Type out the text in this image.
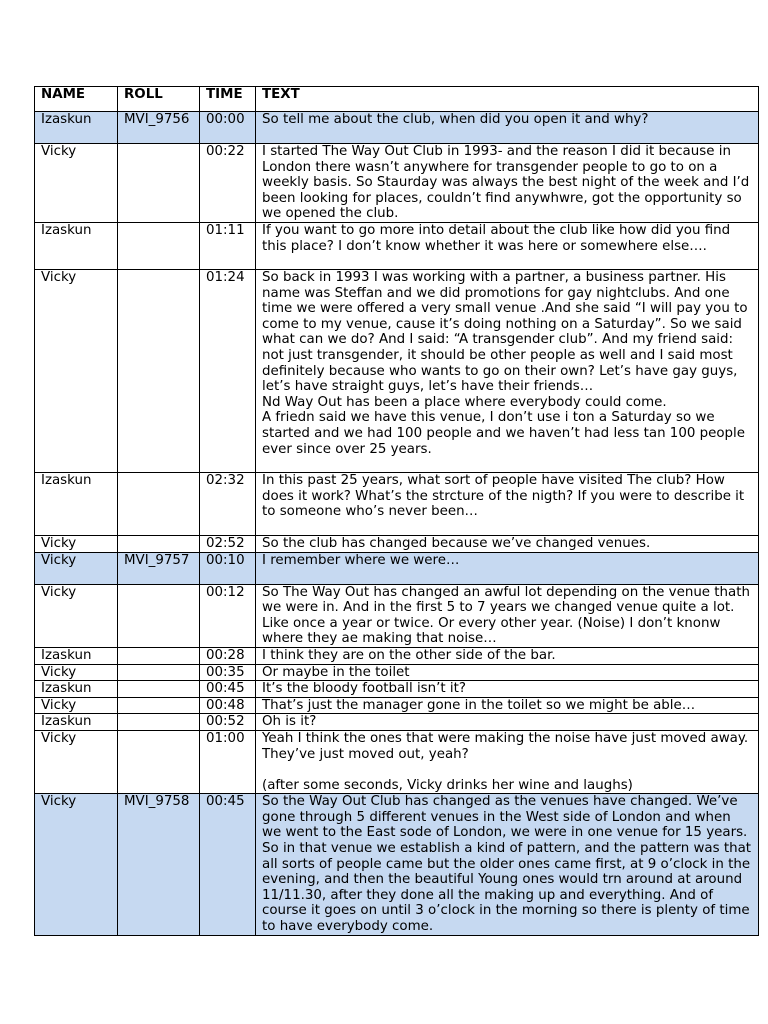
NAME	ROLL	TIME	TEXT
Izaskun	MVI_9756	00:00	So tell me about the club, when did you open it and why?

Vicky		00:22	I started The Way Out Club in 1993- and the reason I did it because in London there wasn’t anywhere for transgender people to go to on a weekly basis. So Staurday was always the best night of the week and I’d been looking for places, couldn’t find anywhwre, got the opportunity so we opened the club.

Izaskun		01:11	If you want to go more into detail about the club like how did you find this place? I don’t know whether it was here or somewhere else….

Vicky		01:24	So back in 1993 I was working with a partner, a business partner. His name was Steffan and we did promotions for gay nightclubs. And one time we were offered a very small venue .And she said “I will pay you to come to my venue, cause it’s doing nothing on a Saturday”. So we said what can we do? And I said: “A transgender club”. And my friend said: not just transgender, it should be other people as well and I said most definitely because who wants to go on their own? Let’s have gay guys, let’s have straight guys, let’s have their friends…

Nd Way Out has been a place where everybody could come.

A friedn said we have this venue, I don’t use i ton a Saturday so we started and we had 100 people and we haven’t had less tan 100 people ever since over 25 years.

Izaskun		02:32	In this past 25 years, what sort of people have visited The club? How does it work? What’s the strcture of the nigth? If you were to describe it to someone who’s never been…

Vicky		02:52	So the club has changed because we’ve changed venues.

Vicky	MVI_9757	00:10	I remember where we were…

Vicky		00:12	So The Way Out has changed an awful lot depending on the venue thath we were in. And in the first 5 to 7 years we changed venue quite a lot. Like once a year or twice. Or every other year. (Noise) I don’t knonw where they ae making that noise…

Izaskun		00:28	I think they are on the other side of the bar.

Vicky		00:35	Or maybe in the toilet

Izaskun		00:45	It’s the bloody football isn’t it?

Vicky		00:48	That’s just the manager gone in the toilet so we might be able…

Izaskun		00:52	Oh is it?

Vicky		01:00	Yeah I think the ones that were making the noise have just moved away. They’ve just moved out, yeah?

(after some seconds, Vicky drinks her wine and laughs)

Vicky	MVI_9758	00:45	So the Way Out Club has changed as the venues have changed. We’ve gone through 5 different venues in the West side of London and when we went to the East sode of London, we were in one venue for 15 years. So in that venue we establish a kind of pattern, and the pattern was that all sorts of people came but the older ones came first, at 9 o’clock in the evening, and then the beautiful Young ones would trn around at around 11/11.30, after they done all the making up and everything. And of course it goes on until 3 o’clock in the morning so there is plenty of time to have everybody come.
